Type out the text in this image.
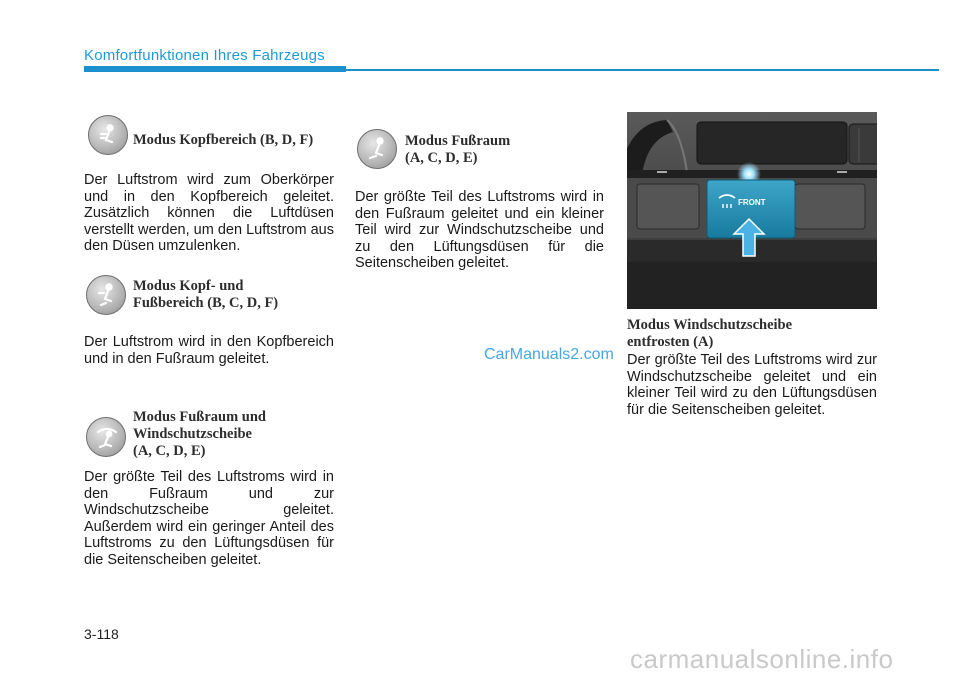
Komfortfunktionen Ihres Fahrzeugs
Modus Kopfbereich (B, D, F)
Der Luftstrom wird zum Oberkörper und in den Kopfbereich geleitet. Zusätzlich können die Luftdüsen verstellt werden, um den Luftstrom aus den Düsen umzulenken.
Modus Kopf- und
Fußbereich (B, C, D, F)
Der Luftstrom wird in den Kopfbereich und in den Fußraum geleitet.
Modus Fußraum und
Windschutzscheibe
(A, C, D, E)
Der größte Teil des Luftstroms wird in den Fußraum und zur Windschutzscheibe geleitet. Außerdem wird ein geringer Anteil des Luftstroms zu den Lüftungsdüsen für die Seitenscheiben geleitet.
Modus Fußraum
(A, C, D, E)
Der größte Teil des Luftstroms wird in den Fußraum geleitet und ein kleiner Teil wird zur Windschutzscheibe und zu den Lüftungsdüsen für die Seitenscheiben geleitet.
FRONT
OAEE046304
Modus Windschutzscheibe
entfrosten (A)
Der größte Teil des Luftstroms wird zur Windschutzscheibe geleitet und ein kleiner Teil wird zu den Lüftungsdüsen für die Seitenscheiben geleitet.
CarManuals2.com
3-118
carmanualsonline.info
